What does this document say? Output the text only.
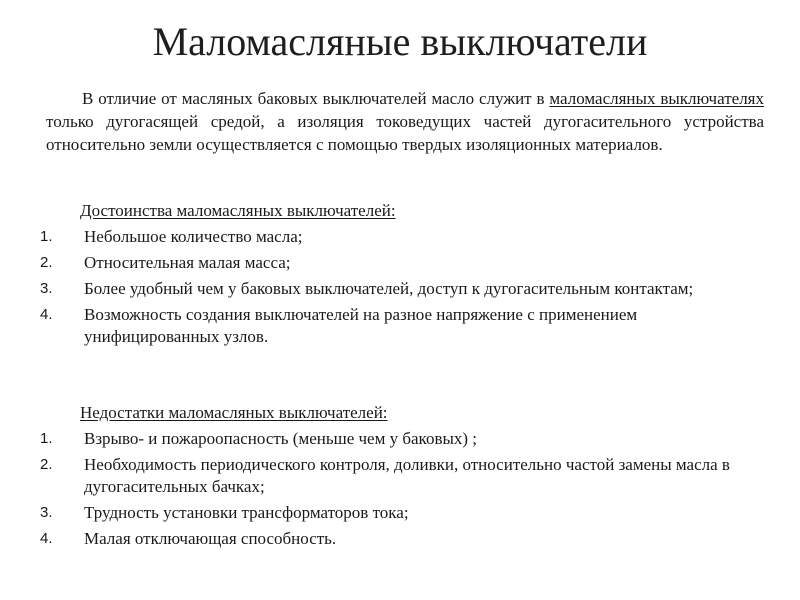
Маломасляные выключатели

В отличие от масляных баковых выключателей масло служит в маломасляных выключателях только дугогасящей средой, а изоляция токоведущих частей дугогасительного устройства относительно земли осуществляется с помощью твердых изоляционных материалов.

Достоинства маломасляных выключателей:
1. Небольшое количество масла;
2. Относительная малая масса;
3. Более удобный чем у баковых выключателей, доступ к дугогасительным контактам;
4. Возможность создания выключателей на разное напряжение с применением унифицированных узлов.
Недостатки маломасляных выключателей:
1. Взрыво- и пожароопасность (меньше чем у баковых) ;
2. Необходимость периодического контроля, доливки, относительно частой замены масла в дугогасительных бачках;
3. Трудность установки трансформаторов тока;
4. Малая отключающая способность.
